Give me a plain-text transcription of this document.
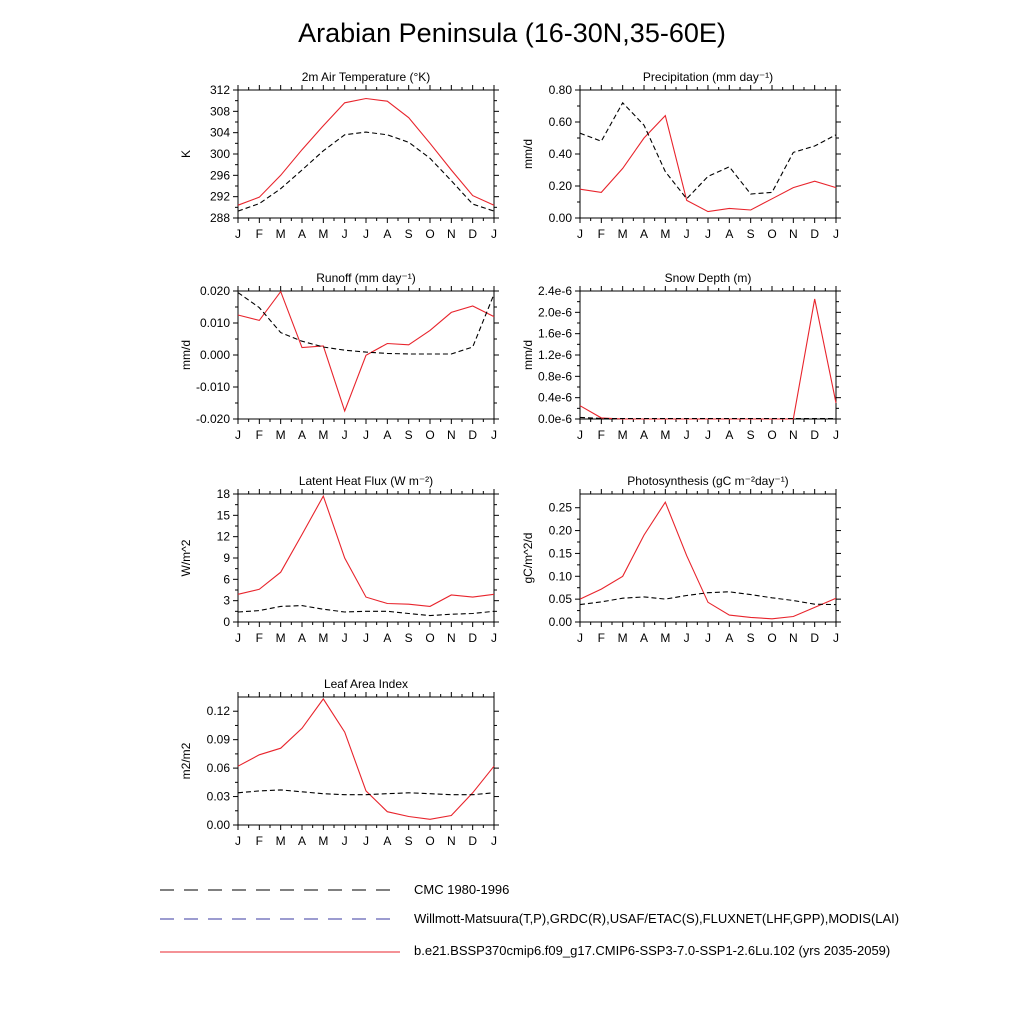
Arabian Peninsula (16-30N,35-60E)
2m Air Temperature (°K)
K
J F M A M J J A S O N D J
288
292
296
300
304
308
312
Precipitation (mm day⁻¹)
mm/d
J F M A M J J A S O N D J
0.00
0.20
0.40
0.60
0.80
Runoff (mm day⁻¹)
mm/d
J F M A M J J A S O N D J
-0.020
-0.010
0.000
0.010
0.020
Snow Depth (m)
mm/d
J F M A M J J A S O N D J
0.0e-6
0.4e-6
0.8e-6
1.2e-6
1.6e-6
2.0e-6
2.4e-6
Latent Heat Flux (W m⁻²)
W/m^2
J F M A M J J A S O N D J
0
3
6
9
12
15
18
Photosynthesis (gC m⁻²day⁻¹)
gC/m^2/d
J F M A M J J A S O N D J
0.00
0.05
0.10
0.15
0.20
0.25
Leaf Area Index
m2/m2
J F M A M J J A S O N D J
0.00
0.03
0.06
0.09
0.12
CMC 1980-1996
Willmott-Matsuura(T,P),GRDC(R),USAF/ETAC(S),FLUXNET(LHF,GPP),MODIS(LAI)
b.e21.BSSP370cmip6.f09_g17.CMIP6-SSP3-7.0-SSP1-2.6Lu.102 (yrs 2035-2059)
